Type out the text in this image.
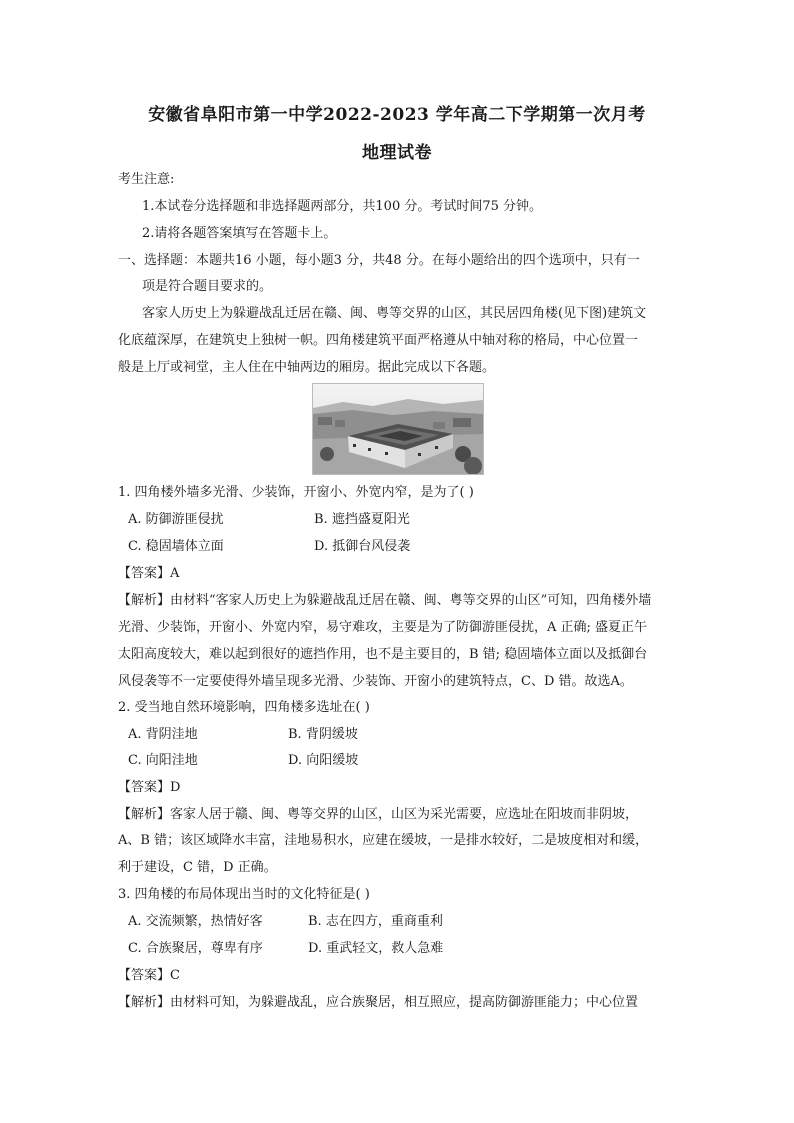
安徽省阜阳市第一中学2022-2023 学年高二下学期第一次月考
地理试卷
考生注意:
1.本试卷分选择题和非选择题两部分，共100 分。考试时间75 分钟。
2.请将各题答案填写在答题卡上。
一、选择题：本题共16 小题，每小题3 分，共48 分。在每小题给出的四个选项中，只有一
项是符合题目要求的。
客家人历史上为躲避战乱迁居在赣、闽、粤等交界的山区，其民居四角楼(见下图)建筑文
化底蕴深厚，在建筑史上独树一帜。四角楼建筑平面严格遵从中轴对称的格局，中心位置一
般是上厅或祠堂，主人住在中轴两边的厢房。据此完成以下各题。
1. 四角楼外墙多光滑、少装饰，开窗小、外宽内窄，是为了( )
A. 防御游匪侵扰	B. 遮挡盛夏阳光
C. 稳固墙体立面	D. 抵御台风侵袭
【答案】A
【解析】由材料“客家人历史上为躲避战乱迁居在赣、闽、粤等交界的山区”可知，四角楼外墙
光滑、少装饰，开窗小、外宽内窄，易守难攻，主要是为了防御游匪侵扰，A 正确; 盛夏正午
太阳高度较大，难以起到很好的遮挡作用，也不是主要目的，B 错; 稳固墙体立面以及抵御台
风侵袭等不一定要使得外墙呈现多光滑、少装饰、开窗小的建筑特点，C、D 错。故选A。
2. 受当地自然环境影响，四角楼多选址在( )
A. 背阴洼地	B. 背阴缓坡
C. 向阳洼地	D. 向阳缓坡
【答案】D
【解析】客家人居于赣、闽、粤等交界的山区，山区为采光需要，应选址在阳坡而非阴坡，
A、B 错；该区域降水丰富，洼地易积水，应建在缓坡，一是排水较好，二是坡度相对和缓，
利于建设，C 错，D 正确。
3. 四角楼的布局体现出当时的文化特征是( )
A. 交流频繁，热情好客	B. 志在四方，重商重利
C. 合族聚居，尊卑有序	D. 重武轻文，救人急难
【答案】C
【解析】由材料可知，为躲避战乱，应合族聚居，相互照应，提高防御游匪能力；中心位置
